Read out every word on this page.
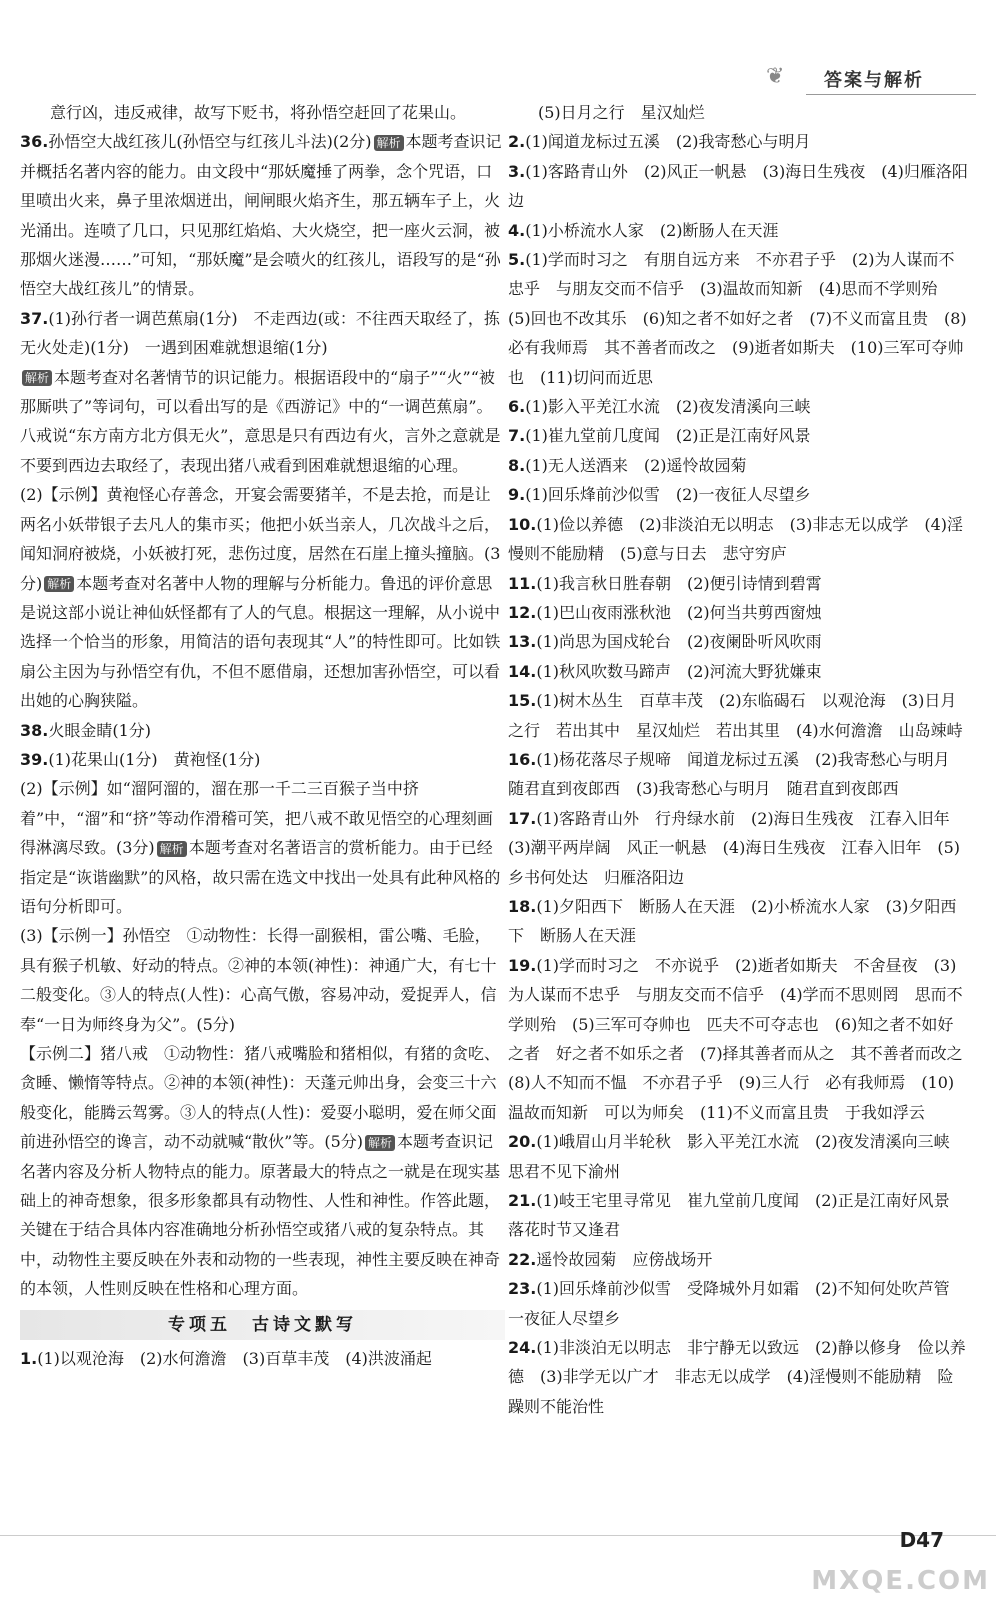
❦ 答案与解析

意行凶，违反戒律，故写下贬书，将孙悟空赶回了花果山。

36.孙悟空大战红孩儿(孙悟空与红孩儿斗法)(2分) 解析 本题考查识记并概括名著内容的能力。由文段中“那妖魔捶了两拳，念个咒语，口里喷出火来，鼻子里浓烟迸出，闸闸眼火焰齐生，那五辆车子上，火光涌出。连喷了几口，只见那红焰焰、大火烧空，把一座火云洞，被那烟火迷漫……”可知，“那妖魔”是会喷火的红孩儿，语段写的是“孙悟空大战红孩儿”的情景。

37.(1)孙行者一调芭蕉扇(1分)　不走西边(或：不往西天取经了，拣无火处走)(1分)　一遇到困难就想退缩(1分)

解析 本题考查对名著情节的识记能力。根据语段中的“扇子”“火”“被那厮哄了”等词句，可以看出写的是《西游记》中的“一调芭蕉扇”。八戒说“东方南方北方俱无火”，意思是只有西边有火，言外之意就是不要到西边去取经了，表现出猪八戒看到困难就想退缩的心理。

(2)【示例】黄袍怪心存善念，开宴会需要猪羊，不是去抢，而是让两名小妖带银子去凡人的集市买；他把小妖当亲人，几次战斗之后，闻知洞府被烧，小妖被打死，悲伤过度，居然在石崖上撞头撞脑。(3分) 解析 本题考查对名著中人物的理解与分析能力。鲁迅的评价意思是说这部小说让神仙妖怪都有了人的气息。根据这一理解，从小说中选择一个恰当的形象，用简洁的语句表现其“人”的特性即可。比如铁扇公主因为与孙悟空有仇，不但不愿借扇，还想加害孙悟空，可以看出她的心胸狭隘。

38.火眼金睛(1分)

39.(1)花果山(1分)　黄袍怪(1分)

(2)【示例】如“溜阿溜的，溜在那一千二三百猴子当中挤着”中，“溜”和“挤”等动作滑稽可笑，把八戒不敢见悟空的心理刻画得淋漓尽致。(3分) 解析 本题考查对名著语言的赏析能力。由于已经指定是“诙谐幽默”的风格，故只需在选文中找出一处具有此种风格的语句分析即可。

(3)【示例一】孙悟空　①动物性：长得一副猴相，雷公嘴、毛脸，具有猴子机敏、好动的特点。②神的本领(神性)：神通广大，有七十二般变化。③人的特点(人性)：心高气傲，容易冲动，爱捉弄人，信奉“一日为师终身为父”。(5分)

【示例二】猪八戒　①动物性：猪八戒嘴脸和猪相似，有猪的贪吃、贪睡、懒惰等特点。②神的本领(神性)：天蓬元帅出身，会变三十六般变化，能腾云驾雾。③人的特点(人性)：爱耍小聪明，爱在师父面前进孙悟空的谗言，动不动就喊“散伙”等。(5分) 解析 本题考查识记名著内容及分析人物特点的能力。原著最大的特点之一就是在现实基础上的神奇想象，很多形象都具有动物性、人性和神性。作答此题，关键在于结合具体内容准确地分析孙悟空或猪八戒的复杂特点。其中，动物性主要反映在外表和动物的一些表现，神性主要反映在神奇的本领，人性则反映在性格和心理方面。

专项五　古诗文默写

1.(1)以观沧海　(2)水何澹澹　(3)百草丰茂　(4)洪波涌起

(5)日月之行　星汉灿烂

2.(1)闻道龙标过五溪　(2)我寄愁心与明月

3.(1)客路青山外　(2)风正一帆悬　(3)海日生残夜　(4)归雁洛阳边

4.(1)小桥流水人家　(2)断肠人在天涯

5.(1)学而时习之　有朋自远方来　不亦君子乎　(2)为人谋而不忠乎　与朋友交而不信乎　(3)温故而知新　(4)思而不学则殆　(5)回也不改其乐　(6)知之者不如好之者　(7)不义而富且贵　(8)必有我师焉　其不善者而改之　(9)逝者如斯夫　(10)三军可夺帅也　(11)切问而近思

6.(1)影入平羌江水流　(2)夜发清溪向三峡

7.(1)崔九堂前几度闻　(2)正是江南好风景

8.(1)无人送酒来　(2)遥怜故园菊

9.(1)回乐烽前沙似雪　(2)一夜征人尽望乡

10.(1)俭以养德　(2)非淡泊无以明志　(3)非志无以成学　(4)淫慢则不能励精　(5)意与日去　悲守穷庐

11.(1)我言秋日胜春朝　(2)便引诗情到碧霄

12.(1)巴山夜雨涨秋池　(2)何当共剪西窗烛

13.(1)尚思为国戍轮台　(2)夜阑卧听风吹雨

14.(1)秋风吹数马蹄声　(2)河流大野犹嫌束

15.(1)树木丛生　百草丰茂　(2)东临碣石　以观沧海　(3)日月之行　若出其中　星汉灿烂　若出其里　(4)水何澹澹　山岛竦峙

16.(1)杨花落尽子规啼　闻道龙标过五溪　(2)我寄愁心与明月　随君直到夜郎西　(3)我寄愁心与明月　随君直到夜郎西

17.(1)客路青山外　行舟绿水前　(2)海日生残夜　江春入旧年　(3)潮平两岸阔　风正一帆悬　(4)海日生残夜　江春入旧年　(5)乡书何处达　归雁洛阳边

18.(1)夕阳西下　断肠人在天涯　(2)小桥流水人家　(3)夕阳西下　断肠人在天涯

19.(1)学而时习之　不亦说乎　(2)逝者如斯夫　不舍昼夜　(3)为人谋而不忠乎　与朋友交而不信乎　(4)学而不思则罔　思而不学则殆　(5)三军可夺帅也　匹夫不可夺志也　(6)知之者不如好之者　好之者不如乐之者　(7)择其善者而从之　其不善者而改之　(8)人不知而不愠　不亦君子乎　(9)三人行　必有我师焉　(10)温故而知新　可以为师矣　(11)不义而富且贵　于我如浮云

20.(1)峨眉山月半轮秋　影入平羌江水流　(2)夜发清溪向三峡　思君不见下渝州

21.(1)岐王宅里寻常见　崔九堂前几度闻　(2)正是江南好风景　落花时节又逢君

22.遥怜故园菊　应傍战场开

23.(1)回乐烽前沙似雪　受降城外月如霜　(2)不知何处吹芦管　一夜征人尽望乡

24.(1)非淡泊无以明志　非宁静无以致远　(2)静以修身　俭以养德　(3)非学无以广才　非志无以成学　(4)淫慢则不能励精　险躁则不能治性

D47
MXQE.COM
